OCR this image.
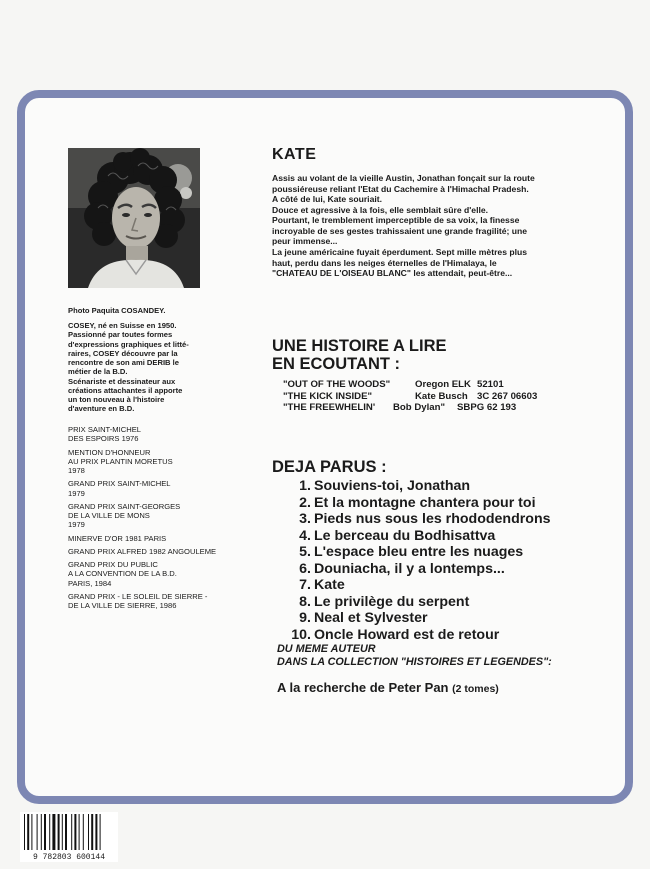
Photo Paquita COSANDEY.
COSEY, né en Suisse en 1950.
Passionné par toutes formes
d'expressions graphiques et litté-
raires, COSEY découvre par la
rencontre de son ami DERIB le
métier de la B.D.
Scénariste et dessinateur aux
créations attachantes il apporte
un ton nouveau à l'histoire
d'aventure en B.D.
PRIX SAINT-MICHEL
DES ESPOIRS 1976
MENTION D'HONNEUR
AU PRIX PLANTIN MORETUS
1978
GRAND PRIX SAINT-MICHEL
1979
GRAND PRIX SAINT-GEORGES
DE LA VILLE DE MONS
1979
MINERVE D'OR 1981 PARIS
GRAND PRIX ALFRED 1982 ANGOULEME
GRAND PRIX DU PUBLIC
A LA CONVENTION DE LA B.D.
PARIS, 1984
GRAND PRIX - LE SOLEIL DE SIERRE -
DE LA VILLE DE SIERRE, 1986
KATE
Assis au volant de la vieille Austin, Jonathan fonçait sur la route
poussiéreuse reliant l'Etat du Cachemire à l'Himachal Pradesh.
A côté de lui, Kate souriait.
Douce et agressive à la fois, elle semblait sûre d'elle.
Pourtant, le tremblement imperceptible de sa voix, la finesse
incroyable de ses gestes trahissaient une grande fragilité; une
peur immense...
La jeune américaine fuyait éperdument. Sept mille mètres plus
haut, perdu dans les neiges éternelles de l'Himalaya, le
"CHATEAU DE L'OISEAU BLANC" les attendait, peut-être...
UNE HISTOIRE A LIRE
EN ECOUTANT :
"OUT OF THE WOODS"	Oregon ELK 52101
"THE KICK INSIDE"	Kate Busch 3C 267 06603
"THE FREEWHELIN'	Bob Dylan"	SBPG 62 193
DEJA PARUS :
1. Souviens-toi, Jonathan
2. Et la montagne chantera pour toi
3. Pieds nus sous les rhododendrons
4. Le berceau du Bodhisattva
5. L'espace bleu entre les nuages
6. Douniacha, il y a lontemps...
7. Kate
8. Le privilège du serpent
9. Neal et Sylvester
10. Oncle Howard est de retour
DU MEME AUTEUR
DANS LA COLLECTION "HISTOIRES ET LEGENDES":
A la recherche de Peter Pan (2 tomes)
9 782803 600144
